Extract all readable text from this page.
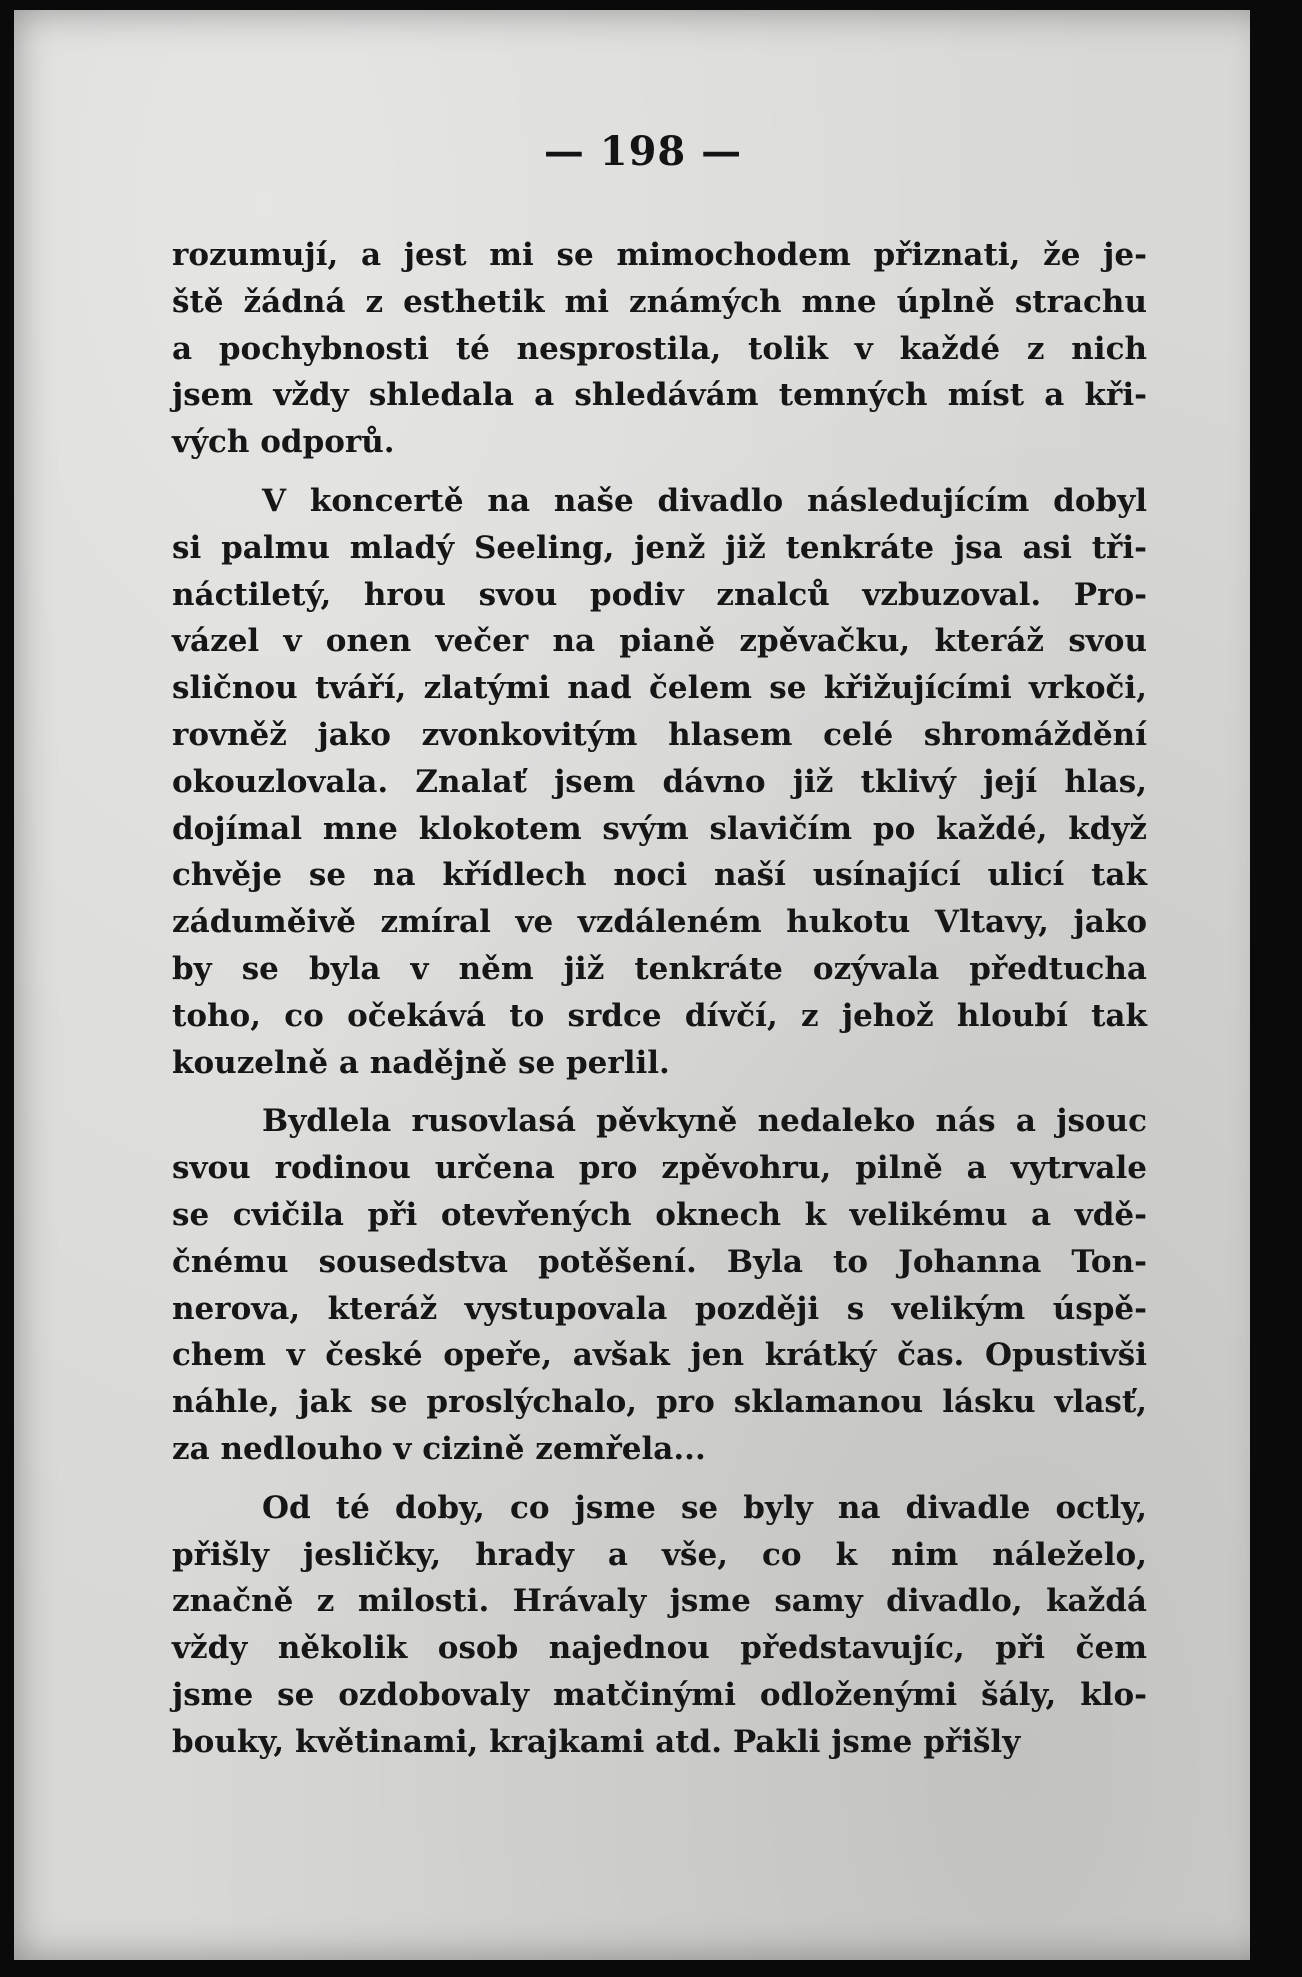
— 198 —
rozumují, a jest mi se mimochodem přiznati, že je-
ště žádná z esthetik mi známých mne úplně strachu
a pochybnosti té nesprostila, tolik v každé z nich
jsem vždy shledala a shledávám temných míst a kři-
vých odporů.
V koncertě na naše divadlo následujícím dobyl
si palmu mladý Seeling, jenž již tenkráte jsa asi tři-
náctiletý, hrou svou podiv znalců vzbuzoval. Pro-
vázel v onen večer na pianě zpěvačku, kteráž svou
sličnou tváří, zlatými nad čelem se křižujícími vrkoči,
rovněž jako zvonkovitým hlasem celé shromáždění
okouzlovala. Znalať jsem dávno již tklivý její hlas,
dojímal mne klokotem svým slavičím po každé, když
chvěje se na křídlech noci naší usínající ulicí tak
záduměivě zmíral ve vzdáleném hukotu Vltavy, jako
by se byla v něm již tenkráte ozývala předtucha
toho, co očekává to srdce dívčí, z jehož hloubí tak
kouzelně a nadějně se perlil.
Bydlela rusovlasá pěvkyně nedaleko nás a jsouc
svou rodinou určena pro zpěvohru, pilně a vytrvale
se cvičila při otevřených oknech k velikému a vdě-
čnému sousedstva potěšení. Byla to Johanna Ton-
nerova, kteráž vystupovala později s velikým úspě-
chem v české opeře, avšak jen krátký čas. Opustivši
náhle, jak se proslýchalo, pro sklamanou lásku vlasť,
za nedlouho v cizině zemřela...
Od té doby, co jsme se byly na divadle octly,
přišly jesličky, hrady a vše, co k nim náleželo,
značně z milosti. Hrávaly jsme samy divadlo, každá
vždy několik osob najednou představujíc, při čem
jsme se ozdobovaly matčinými odloženými šály, klo-
bouky, květinami, krajkami atd. Pakli jsme přišly
